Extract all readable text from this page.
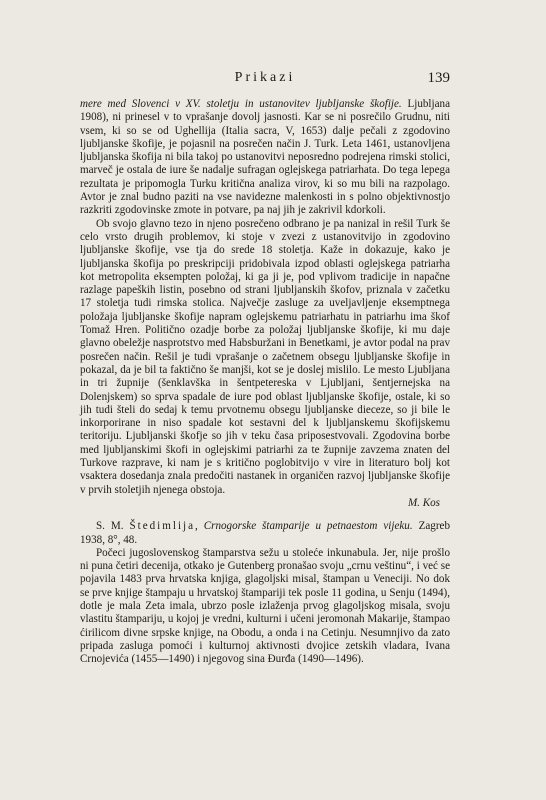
Prikazi	139

mere med Slovenci v XV. stoletju in ustanovitev ljubljanske škofije. Ljubljana 1908), ni prinesel v to vprašanje dovolj jasnosti. Kar se ni posrečilo Grudnu, niti vsem, ki so se od Ughellija (Italia sacra, V, 1653) dalje pečali z zgodovino ljubljanske škofije, je pojasnil na posrečen način J. Turk. Leta 1461, ustanovljena ljubljanska škofija ni bila takoj po ustanovitvi neposredno podrejena rimski stolici, marveč je ostala de iure še nadalje sufragan oglejskega patriarhata. Do tega lepega rezultata je pripomogla Turku kritična analiza virov, ki so mu bili na razpolago. Avtor je znal budno paziti na vse navidezne malenkosti in s polno objektivnostjo razkriti zgodovinske zmote in potvare, pa naj jih je zakrivil kdorkoli.

Ob svojo glavno tezo in njeno posrečeno odbrano je pa nanizal in rešil Turk še celo vrsto drugih problemov, ki stoje v zvezi z ustanovitvijo in zgodovino ljubljanske škofije, vse tja do srede 18 stoletja. Kaže in dokazuje, kako je ljubljanska škofija po preskripciji pridobivala izpod oblasti oglejskega patriarha kot metropolita eksempten položaj, ki ga ji je, pod vplivom tradicije in napačne razlage papeških listin, posebno od strani ljubljanskih škofov, priznala v začetku 17 stoletja tudi rimska stolica. Največje zasluge za uveljavljenje eksemptnega položaja ljubljanske škofije napram oglejskemu patriarhatu in patriarhu ima škof Tomaž Hren. Politično ozadje borbe za položaj ljubljanske škofije, ki mu daje glavno obeležje nasprotstvo med Habsburžani in Benetkami, je avtor podal na prav posrečen način. Rešil je tudi vprašanje o začetnem obsegu ljubljanske škofije in pokazal, da je bil ta faktično še manjši, kot se je doslej mislilo. Le mesto Ljubljana in tri župnije (šenklavška in šentpetereska v Ljubljani, šentjernejska na Dolenjskem) so sprva spadale de iure pod oblast ljubljanske škofije, ostale, ki so jih tudi šteli do sedaj k temu prvotnemu obsegu ljubljanske dieceze, so ji bile le inkorporirane in niso spadale kot sestavni del k ljubljanskemu škofijskemu teritoriju. Ljubljanski škofje so jih v teku časa priposestvovali. Zgodovina borbe med ljubljanskimi škofi in oglejskimi patriarhi za te župnije zavzema znaten del Turkove razprave, ki nam je s kritično poglobitvijo v vire in literaturo bolj kot vsaktera dosedanja znala predočiti nastanek in organičen razvoj ljubljanske škofije v prvih stoletjih njenega obstoja.

M. Kos

S. M. Štedimlija, Crnogorske štamparije u petnaestom vijeku. Zagreb 1938, 8°, 48.

Počeci jugoslovenskog štamparstva sežu u stoleće inkunabula. Jer, nije prošlo ni puna četiri decenija, otkako je Gutenberg pronašao svoju „crnu veštinu“, i već se pojavila 1483 prva hrvatska knjiga, glagoljski misal, štampan u Veneciji. No dok se prve knjige štampaju u hrvatskoj štampariji tek posle 11 godina, u Senju (1494), dotle je mala Zeta imala, ubrzo posle izlaženja prvog glagoljskog misala, svoju vlastitu štampariju, u kojoj je vredni, kulturni i učeni jeromonah Makarije, štampao ćirilicom divne srpske knjige, na Obodu, a onda i na Cetinju. Nesumnjivo da zato pripada zasluga pomoći i kulturnoj aktivnosti dvojice zetskih vladara, Ivana Crnojevića (1455—1490) i njegovog sina Đurđa (1490—1496).
